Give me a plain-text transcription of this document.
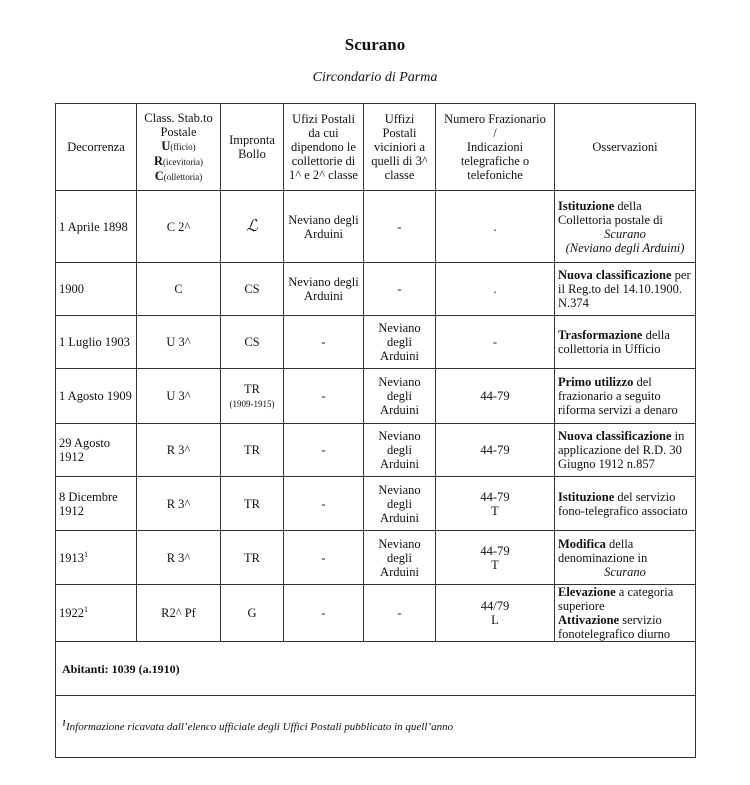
Scurano
Circondario di Parma
Decorrenza	Class. Stab.to
Postale
U(fficio)
R(icevitoria)
C(ollettoria)	Impronta Bollo	Ufizi Postali da cui dipendono le collettorie di 1^ e 2^ classe	Uffizi Postali viciniori a quelli di 3^ classe	Numero Frazionario
/
Indicazioni telegrafiche o telefoniche	Osservazioni
1 Aprile 1898	C 2^	ℒ	Neviano degli Arduini	-	.	Istituzione della Collettoria postale di
Scurano
(Neviano degli Arduini)

1900	C	CS	Neviano degli Arduini	-	.	Nuova classificazione per il Reg.to del 14.10.1900. N.374
1 Luglio 1903	U 3^	CS	-	Neviano degli Arduini	-	Trasformazione della collettoria in Ufficio
1 Agosto 1909	U 3^	TR
(1909-1915)	-	Neviano degli Arduini	44-79	Primo utilizzo del frazionario a seguito riforma servizi a denaro
29 Agosto 1912	R 3^	TR	-	Neviano degli Arduini	44-79	Nuova classificazione in applicazione del R.D. 30 Giugno 1912 n.857
8 Dicembre 1912	R 3^	TR	-	Neviano degli Arduini	44-79
T	Istituzione del servizio fono-telegrafico associato
1913$^1$	R 3^	TR	-	Neviano degli Arduini	44-79
T	Modifica della denominazione in
Scurano

1922$^1$	R2^ Pf	G	-	-	44/79
L	Elevazione a categoria superiore
Attivazione servizio fonotelegrafico diurno
Abitanti: 1039 (a.1910)						
$^1$Informazione ricavata dall’elenco ufficiale degli Uffici Postali pubblicato in quell’anno						
